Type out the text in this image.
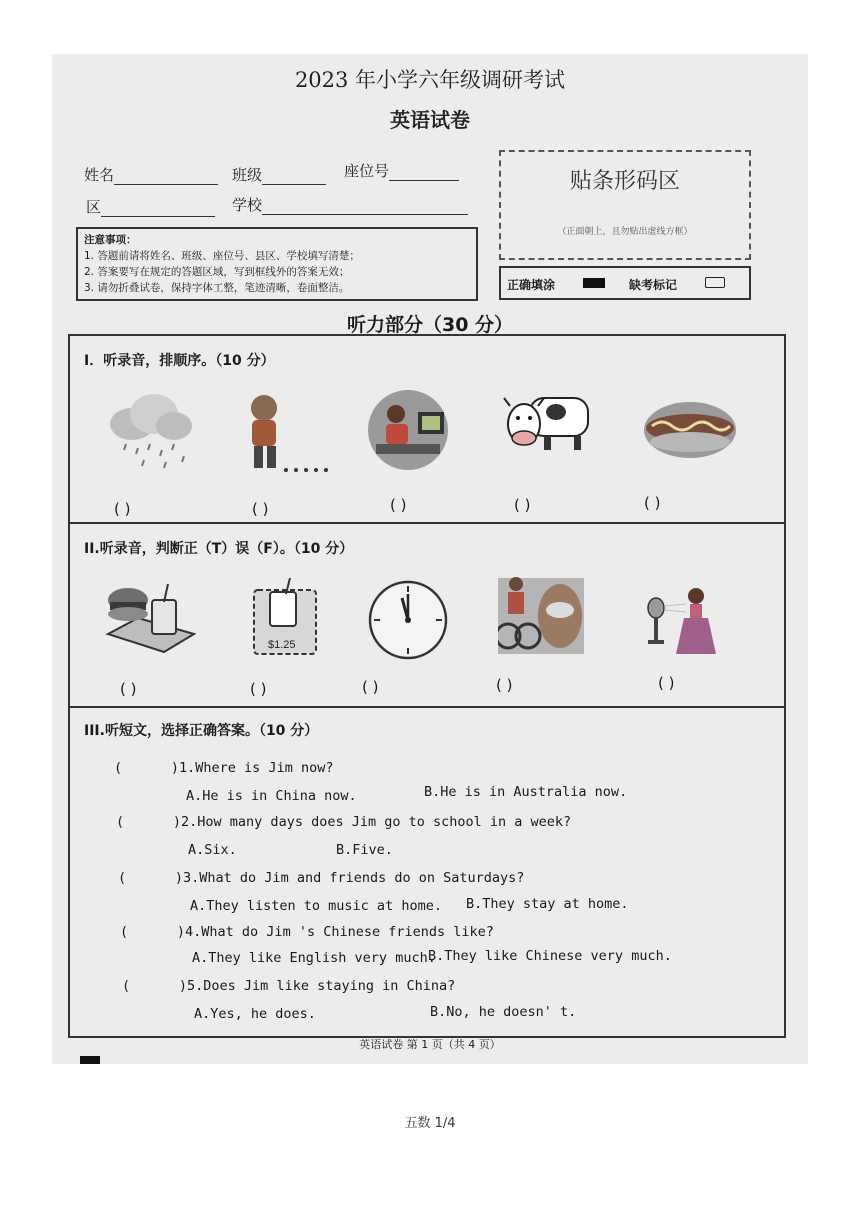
2023 年小学六年级调研考试
英语试卷
姓名	班级	座位号
区	学校
贴条形码区
（正面朝上，且勿贴出虚线方框）
正确填涂	缺考标记
注意事项：
1. 答题前请将姓名、班级、座位号、县区、学校填写清楚；
2. 答案要写在规定的答题区域，写到框线外的答案无效；
3. 请勿折叠试卷，保持字体工整，笔迹清晰，卷面整洁。
听力部分（30 分）
I．听录音，排顺序。（10 分）
( )	( )	( )	( )	( )
II.听录音，判断正（T）误（F）。（10 分）
$1.25
( )	( )	( )	( )	( )
III.听短文，选择正确答案。（10 分）
(      )1.Where is Jim now?
A.He is in China now.	B.He is in Australia now.
(      )2.How many days does Jim go to school in a week?
A.Six.	B.Five.
(      )3.What do Jim and friends do on Saturdays?
A.They listen to music at home. B.They stay at home.
(      )4.What do Jim 's Chinese friends like?
A.They like English very much.
B.They like Chinese very much.
(      )5.Does Jim like staying in China?
A.Yes, he does.	B.No, he doesn' t.
英语试卷 第 1 页（共 4 页）
五数 1/4
